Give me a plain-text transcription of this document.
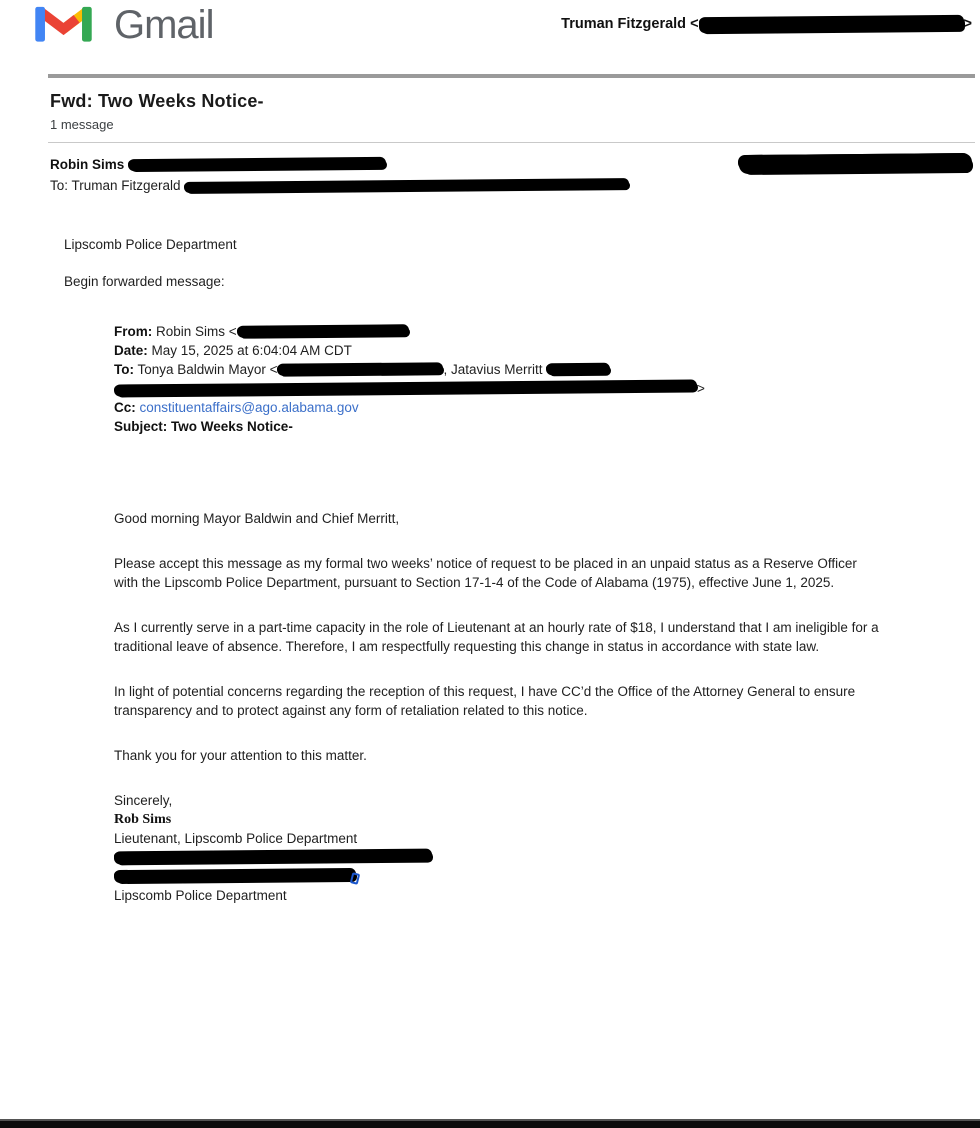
Gmail	Truman Fitzgerald <	>
Fwd: Two Weeks Notice-
1 message
Robin Sims
To: Truman Fitzgerald
Lipscomb Police Department
Begin forwarded message:
From: Robin Sims <
Date: May 15, 2025 at 6:04:04 AM CDT
To: Tonya Baldwin Mayor <	, Jatavius Merritt
>
Cc: constituentaffairs@ago.alabama.gov
Subject: Two Weeks Notice-

Good morning Mayor Baldwin and Chief Merritt,

Please accept this message as my formal two weeks’ notice of request to be placed in an unpaid status as a Reserve Officer with the Lipscomb Police Department, pursuant to Section 17-1-4 of the Code of Alabama (1975), effective June 1, 2025.

As I currently serve in a part-time capacity in the role of Lieutenant at an hourly rate of $18, I understand that I am ineligible for a traditional leave of absence. Therefore, I am respectfully requesting this change in status in accordance with state law.

In light of potential concerns regarding the reception of this request, I have CC’d the Office of the Attorney General to ensure transparency and to protect against any form of retaliation related to this notice.

Thank you for your attention to this matter.

Sincerely,
Rob Sims
Lieutenant, Lipscomb Police Department
Lipscomb Police Department
